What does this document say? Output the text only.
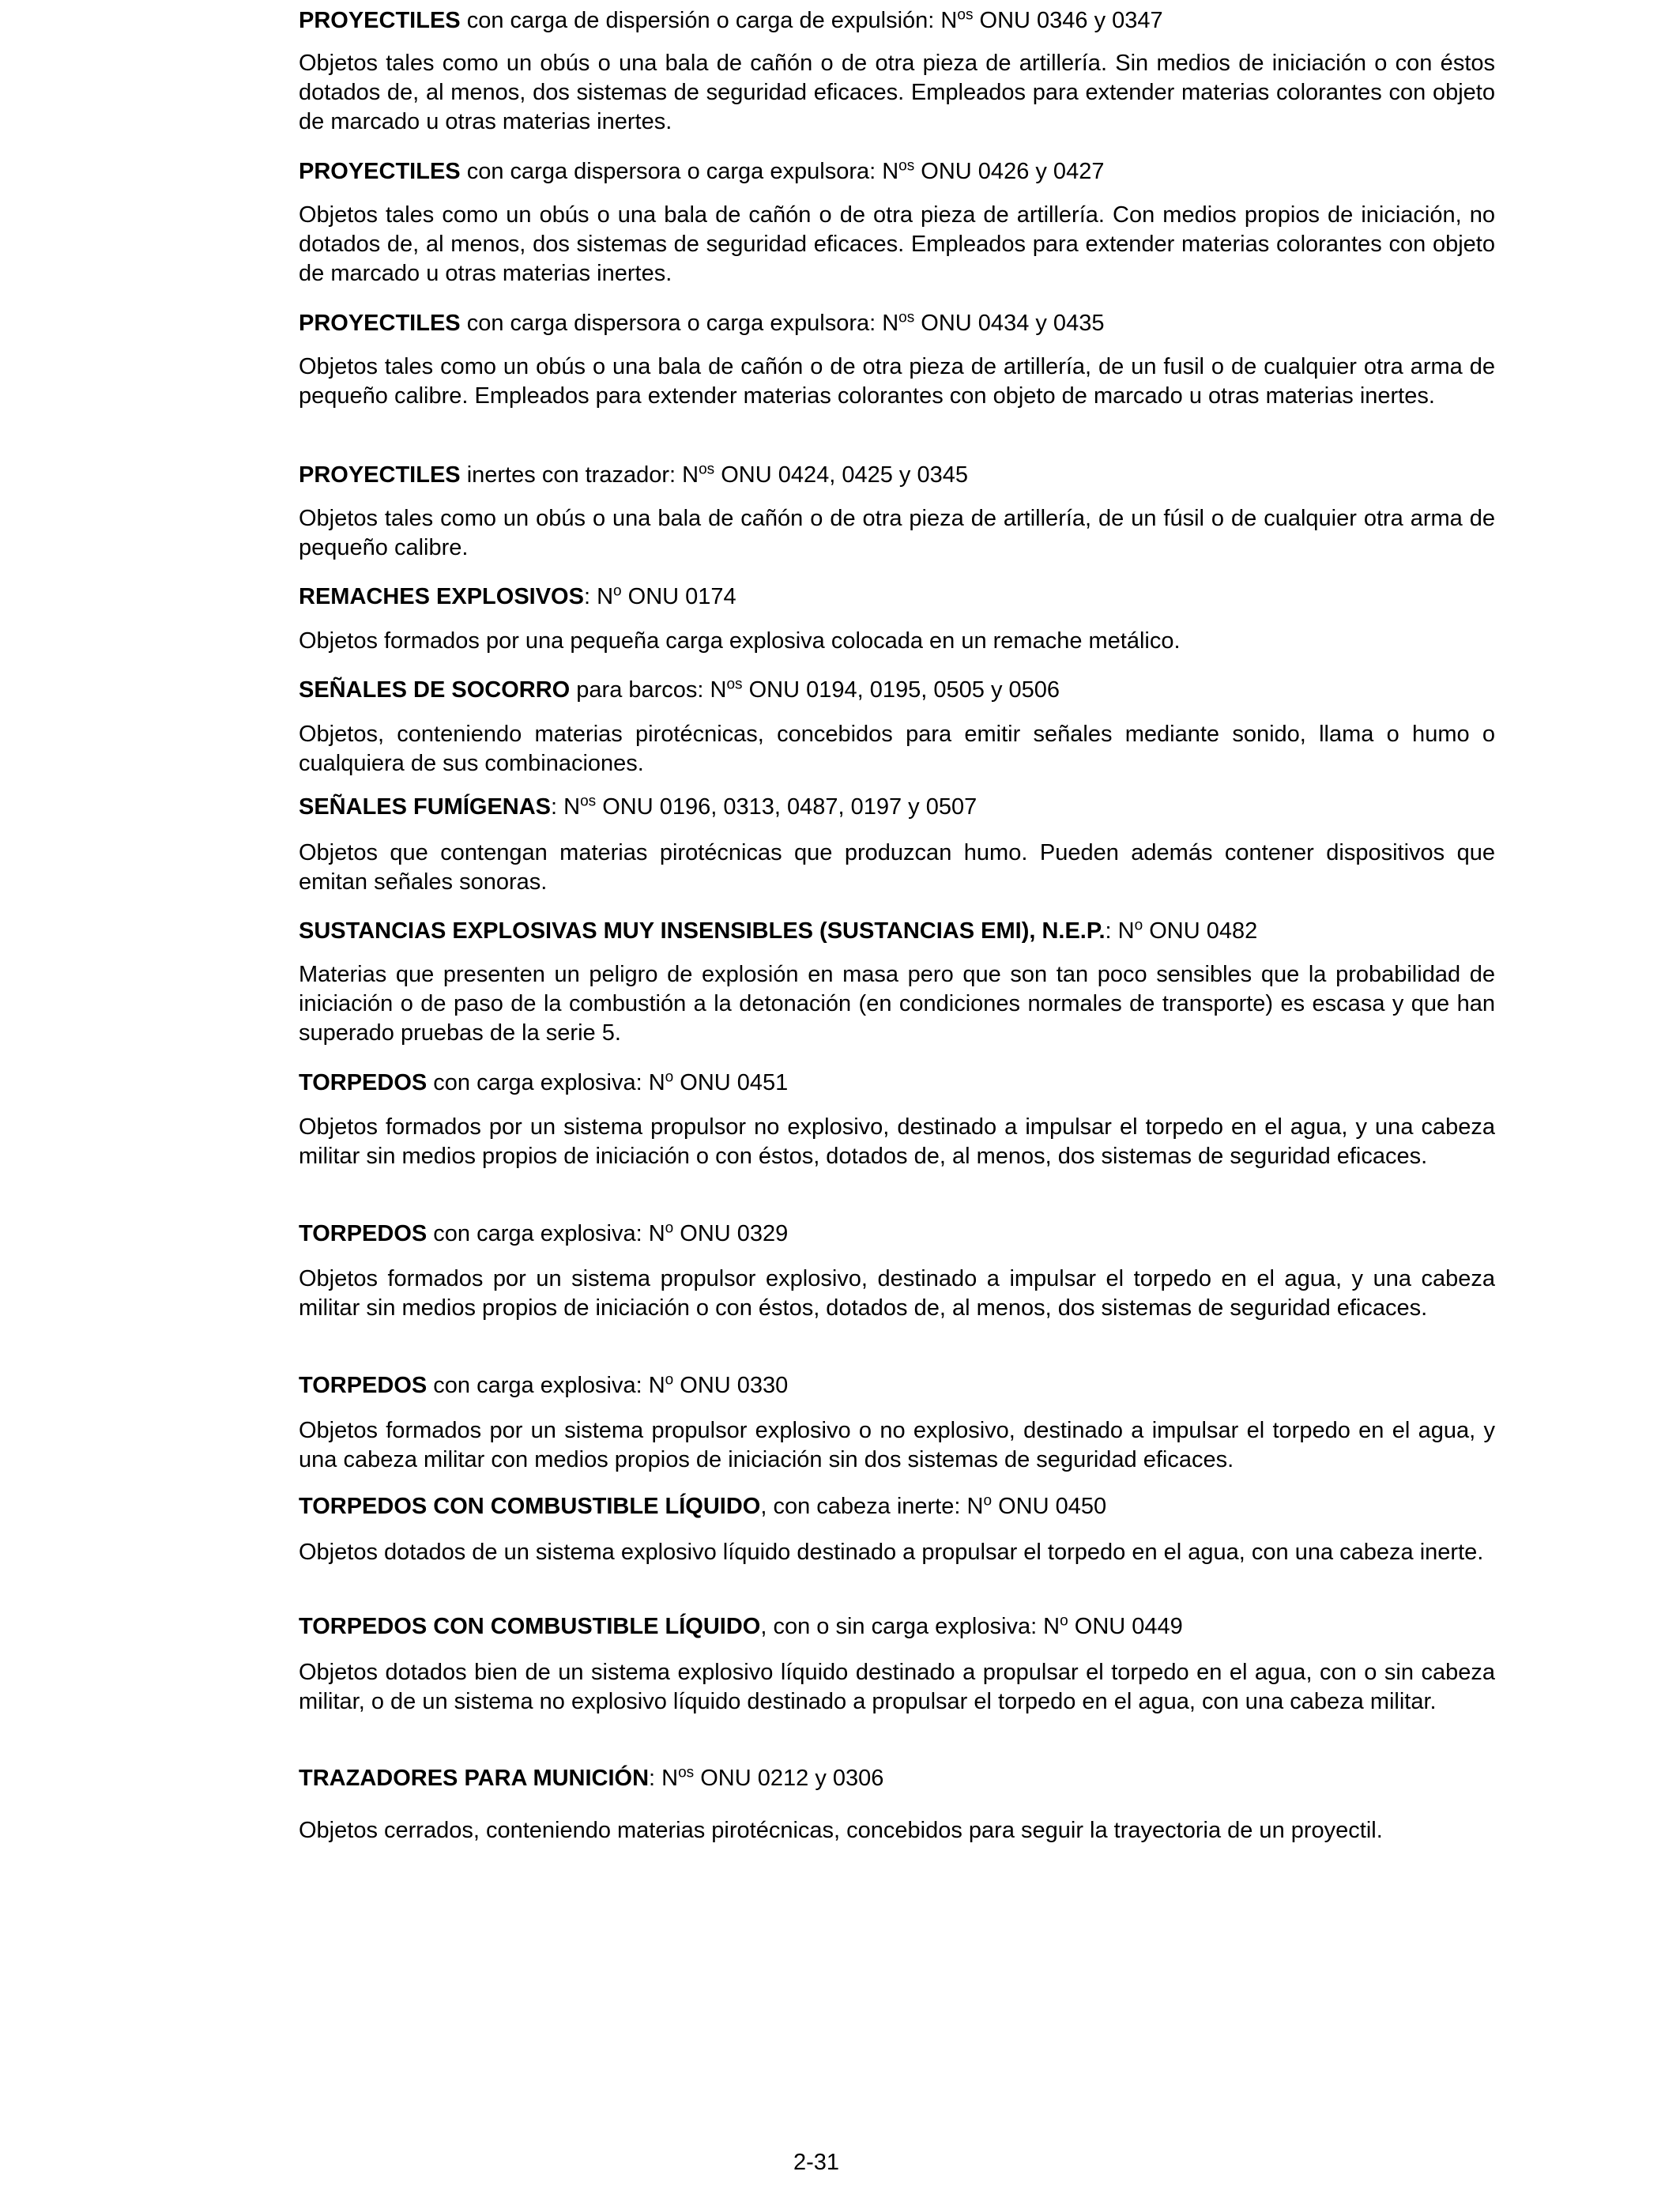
PROYECTILES con carga de dispersión o carga de expulsión: $N^{os}$ ONU 0346 y 0347

Objetos tales como un obús o una bala de cañón o de otra pieza de artillería. Sin medios de iniciación o con éstos dotados de, al menos, dos sistemas de seguridad eficaces. Empleados para extender materias colorantes con objeto de marcado u otras materias inertes.

PROYECTILES con carga dispersora o carga expulsora: $N^{os}$ ONU 0426 y 0427

Objetos tales como un obús o una bala de cañón o de otra pieza de artillería. Con medios propios de iniciación, no dotados de, al menos, dos sistemas de seguridad eficaces. Empleados para extender materias colorantes con objeto de marcado u otras materias inertes.

PROYECTILES con carga dispersora o carga expulsora: $N^{os}$ ONU 0434 y 0435

Objetos tales como un obús o una bala de cañón o de otra pieza de artillería, de un fusil o de cualquier otra arma de pequeño calibre. Empleados para extender materias colorantes con objeto de marcado u otras materias inertes.

PROYECTILES inertes con trazador: $N^{os}$ ONU 0424, 0425 y 0345

Objetos tales como un obús o una bala de cañón o de otra pieza de artillería, de un fúsil o de cualquier otra arma de pequeño calibre.

REMACHES EXPLOSIVOS: $N^o$ ONU 0174

Objetos formados por una pequeña carga explosiva colocada en un remache metálico.

SEÑALES DE SOCORRO para barcos: $N^{os}$ ONU 0194, 0195, 0505 y 0506

Objetos, conteniendo materias pirotécnicas, concebidos para emitir señales mediante sonido, llama o humo o cualquiera de sus combinaciones.

SEÑALES FUMÍGENAS: $N^{os}$ ONU 0196, 0313, 0487, 0197 y 0507

Objetos que contengan materias pirotécnicas que produzcan humo. Pueden además contener dispositivos que emitan señales sonoras.

SUSTANCIAS EXPLOSIVAS MUY INSENSIBLES (SUSTANCIAS EMI), N.E.P.: $N^o$ ONU 0482

Materias que presenten un peligro de explosión en masa pero que son tan poco sensibles que la probabilidad de iniciación o de paso de la combustión a la detonación (en condiciones normales de transporte) es escasa y que han superado pruebas de la serie 5.

TORPEDOS con carga explosiva: $N^o$ ONU 0451

Objetos formados por un sistema propulsor no explosivo, destinado a impulsar el torpedo en el agua, y una cabeza militar sin medios propios de iniciación o con éstos, dotados de, al menos, dos sistemas de seguridad eficaces.

TORPEDOS con carga explosiva: $N^o$ ONU 0329

Objetos formados por un sistema propulsor explosivo, destinado a impulsar el torpedo en el agua, y una cabeza militar sin medios propios de iniciación o con éstos, dotados de, al menos, dos sistemas de seguridad eficaces.

TORPEDOS con carga explosiva: $N^o$ ONU 0330

Objetos formados por un sistema propulsor explosivo o no explosivo, destinado a impulsar el torpedo en el agua, y una cabeza militar con medios propios de iniciación sin dos sistemas de seguridad eficaces.

TORPEDOS CON COMBUSTIBLE LÍQUIDO, con cabeza inerte: $N^o$ ONU 0450

Objetos dotados de un sistema explosivo líquido destinado a propulsar el torpedo en el agua, con una cabeza inerte.

TORPEDOS CON COMBUSTIBLE LÍQUIDO, con o sin carga explosiva: $N^o$ ONU 0449

Objetos dotados bien de un sistema explosivo líquido destinado a propulsar el torpedo en el agua, con o sin cabeza militar, o de un sistema no explosivo líquido destinado a propulsar el torpedo en el agua, con una cabeza militar.

TRAZADORES PARA MUNICIÓN: $N^{os}$ ONU 0212 y 0306

Objetos cerrados, conteniendo materias pirotécnicas, concebidos para seguir la trayectoria de un proyectil.

2-31
